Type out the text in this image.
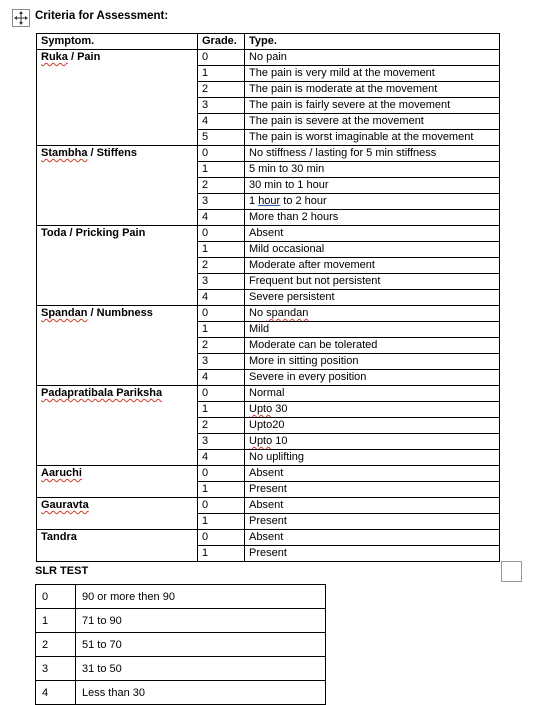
Criteria for Assessment:
Symptom.	Grade.	Type.
Ruka / Pain	0	No pain
	1	The pain is very mild at the movement
	2	The pain is moderate at the movement
	3	The pain is fairly severe at the movement
	4	The pain is severe at the movement
	5	The pain is worst imaginable at the movement
Stambha / Stiffens	0	No stiffness / lasting for 5 min stiffness
	1	5 min to 30 min
	2	30 min to 1 hour
	3	1 hour to 2 hour
	4	More than 2 hours
Toda / Pricking Pain	0	Absent
	1	Mild occasional
	2	Moderate after movement
	3	Frequent but not persistent
	4	Severe persistent
Spandan / Numbness	0	No spandan
	1	Mild
	2	Moderate can be tolerated
	3	More in sitting position
	4	Severe in every position
Padapratibala Pariksha	0	Normal
	1	Upto 30
	2	Upto20
	3	Upto 10
	4	No uplifting
Aaruchi	0	Absent
	1	Present
Gauravta	0	Absent
	1	Present
Tandra	0	Absent
	1	Present
SLR TEST
0	90 or more then 90
1	71 to 90
2	51 to 70
3	31 to 50
4	Less than 30
